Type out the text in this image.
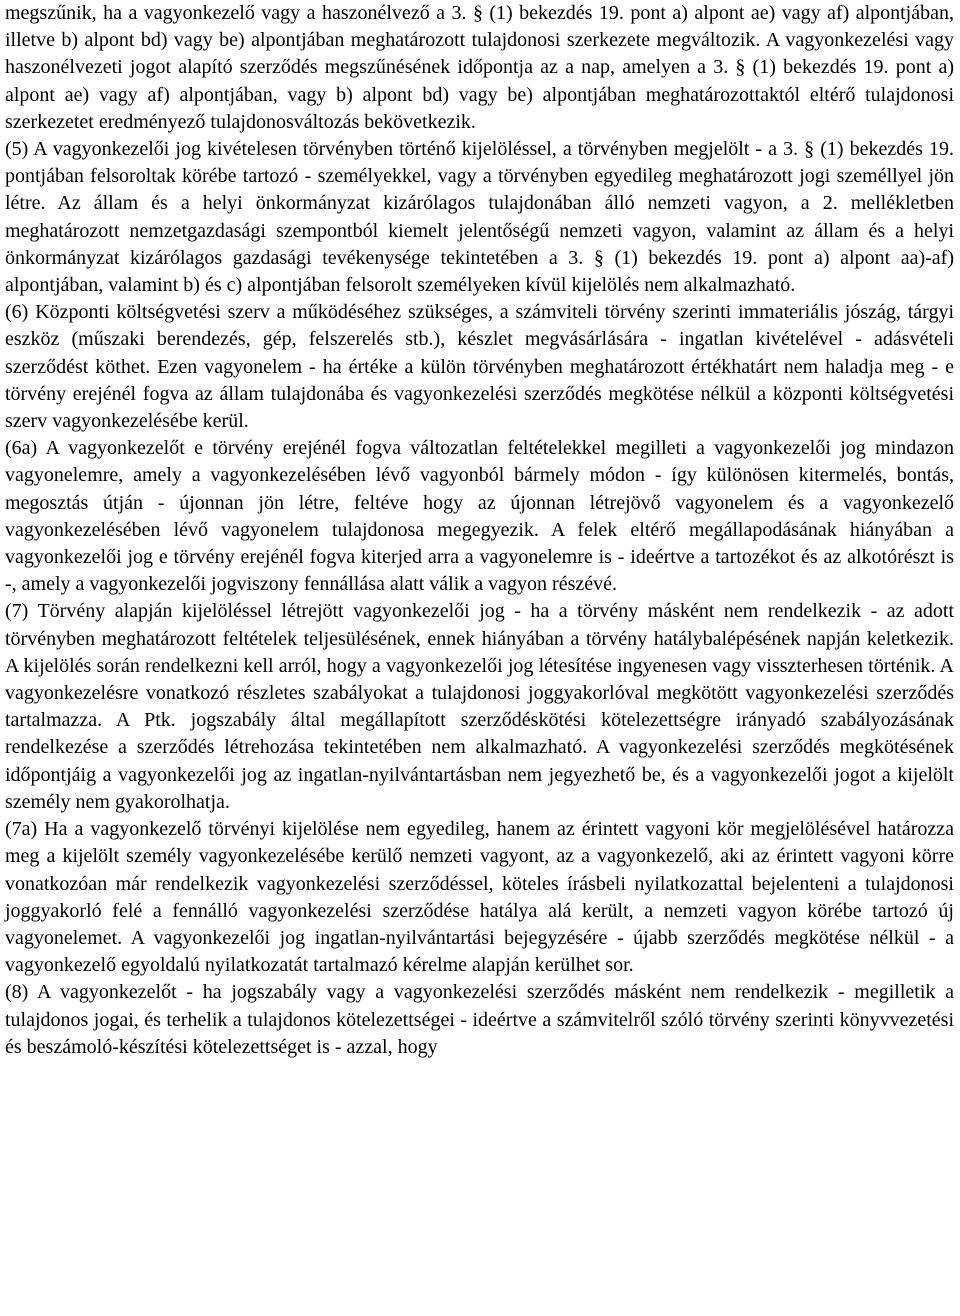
megszűnik, ha a vagyonkezelő vagy a haszonélvező a 3. § (1) bekezdés 19. pont a) alpont ae) vagy af) alpontjában, illetve b) alpont bd) vagy be) alpontjában meghatározott tulajdonosi szerkezete megváltozik. A vagyonkezelési vagy haszonélvezeti jogot alapító szerződés megszűnésének időpontja az a nap, amelyen a 3. § (1) bekezdés 19. pont a) alpont ae) vagy af) alpontjában, vagy b) alpont bd) vagy be) alpontjában meghatározottaktól eltérő tulajdonosi szerkezetet eredményező tulajdonosváltozás bekövetkezik.

(5) A vagyonkezelői jog kivételesen törvényben történő kijelöléssel, a törvényben megjelölt - a 3. § (1) bekezdés 19. pontjában felsoroltak körébe tartozó - személyekkel, vagy a törvényben egyedileg meghatározott jogi személlyel jön létre. Az állam és a helyi önkormányzat kizárólagos tulajdonában álló nemzeti vagyon, a 2. mellékletben meghatározott nemzetgazdasági szempontból kiemelt jelentőségű nemzeti vagyon, valamint az állam és a helyi önkormányzat kizárólagos gazdasági tevékenysége tekintetében a 3. § (1) bekezdés 19. pont a) alpont aa)-af) alpontjában, valamint b) és c) alpontjában felsorolt személyeken kívül kijelölés nem alkalmazható.

(6) Központi költségvetési szerv a működéséhez szükséges, a számviteli törvény szerinti immateriális jószág, tárgyi eszköz (műszaki berendezés, gép, felszerelés stb.), készlet megvásárlására - ingatlan kivételével - adásvételi szerződést köthet. Ezen vagyonelem - ha értéke a külön törvényben meghatározott értékhatárt nem haladja meg - e törvény erejénél fogva az állam tulajdonába és vagyonkezelési szerződés megkötése nélkül a központi költségvetési szerv vagyonkezelésébe kerül.

(6a) A vagyonkezelőt e törvény erejénél fogva változatlan feltételekkel megilleti a vagyonkezelői jog mindazon vagyonelemre, amely a vagyonkezelésében lévő vagyonból bármely módon - így különösen kitermelés, bontás, megosztás útján - újonnan jön létre, feltéve hogy az újonnan létrejövő vagyonelem és a vagyonkezelő vagyonkezelésében lévő vagyonelem tulajdonosa megegyezik. A felek eltérő megállapodásának hiányában a vagyonkezelői jog e törvény erejénél fogva kiterjed arra a vagyonelemre is - ideértve a tartozékot és az alkotórészt is -, amely a vagyonkezelői jogviszony fennállása alatt válik a vagyon részévé.

(7) Törvény alapján kijelöléssel létrejött vagyonkezelői jog - ha a törvény másként nem rendelkezik - az adott törvényben meghatározott feltételek teljesülésének, ennek hiányában a törvény hatálybalépésének napján keletkezik. A kijelölés során rendelkezni kell arról, hogy a vagyonkezelői jog létesítése ingyenesen vagy visszterhesen történik. A vagyonkezelésre vonatkozó részletes szabályokat a tulajdonosi joggyakorlóval megkötött vagyonkezelési szerződés tartalmazza. A Ptk. jogszabály által megállapított szerződéskötési kötelezettségre irányadó szabályozásának rendelkezése a szerződés létrehozása tekintetében nem alkalmazható. A vagyonkezelési szerződés megkötésének időpontjáig a vagyonkezelői jog az ingatlan-nyilvántartásban nem jegyezhető be, és a vagyonkezelői jogot a kijelölt személy nem gyakorolhatja.

(7a) Ha a vagyonkezelő törvényi kijelölése nem egyedileg, hanem az érintett vagyoni kör megjelölésével határozza meg a kijelölt személy vagyonkezelésébe kerülő nemzeti vagyont, az a vagyonkezelő, aki az érintett vagyoni körre vonatkozóan már rendelkezik vagyonkezelési szerződéssel, köteles írásbeli nyilatkozattal bejelenteni a tulajdonosi joggyakorló felé a fennálló vagyonkezelési szerződése hatálya alá került, a nemzeti vagyon körébe tartozó új vagyonelemet. A vagyonkezelői jog ingatlan-nyilvántartási bejegyzésére - újabb szerződés megkötése nélkül - a vagyonkezelő egyoldalú nyilatkozatát tartalmazó kérelme alapján kerülhet sor.

(8) A vagyonkezelőt - ha jogszabály vagy a vagyonkezelési szerződés másként nem rendelkezik - megilletik a tulajdonos jogai, és terhelik a tulajdonos kötelezettségei - ideértve a számvitelről szóló törvény szerinti könyvvezetési és beszámoló-készítési kötelezettséget is - azzal, hogy
